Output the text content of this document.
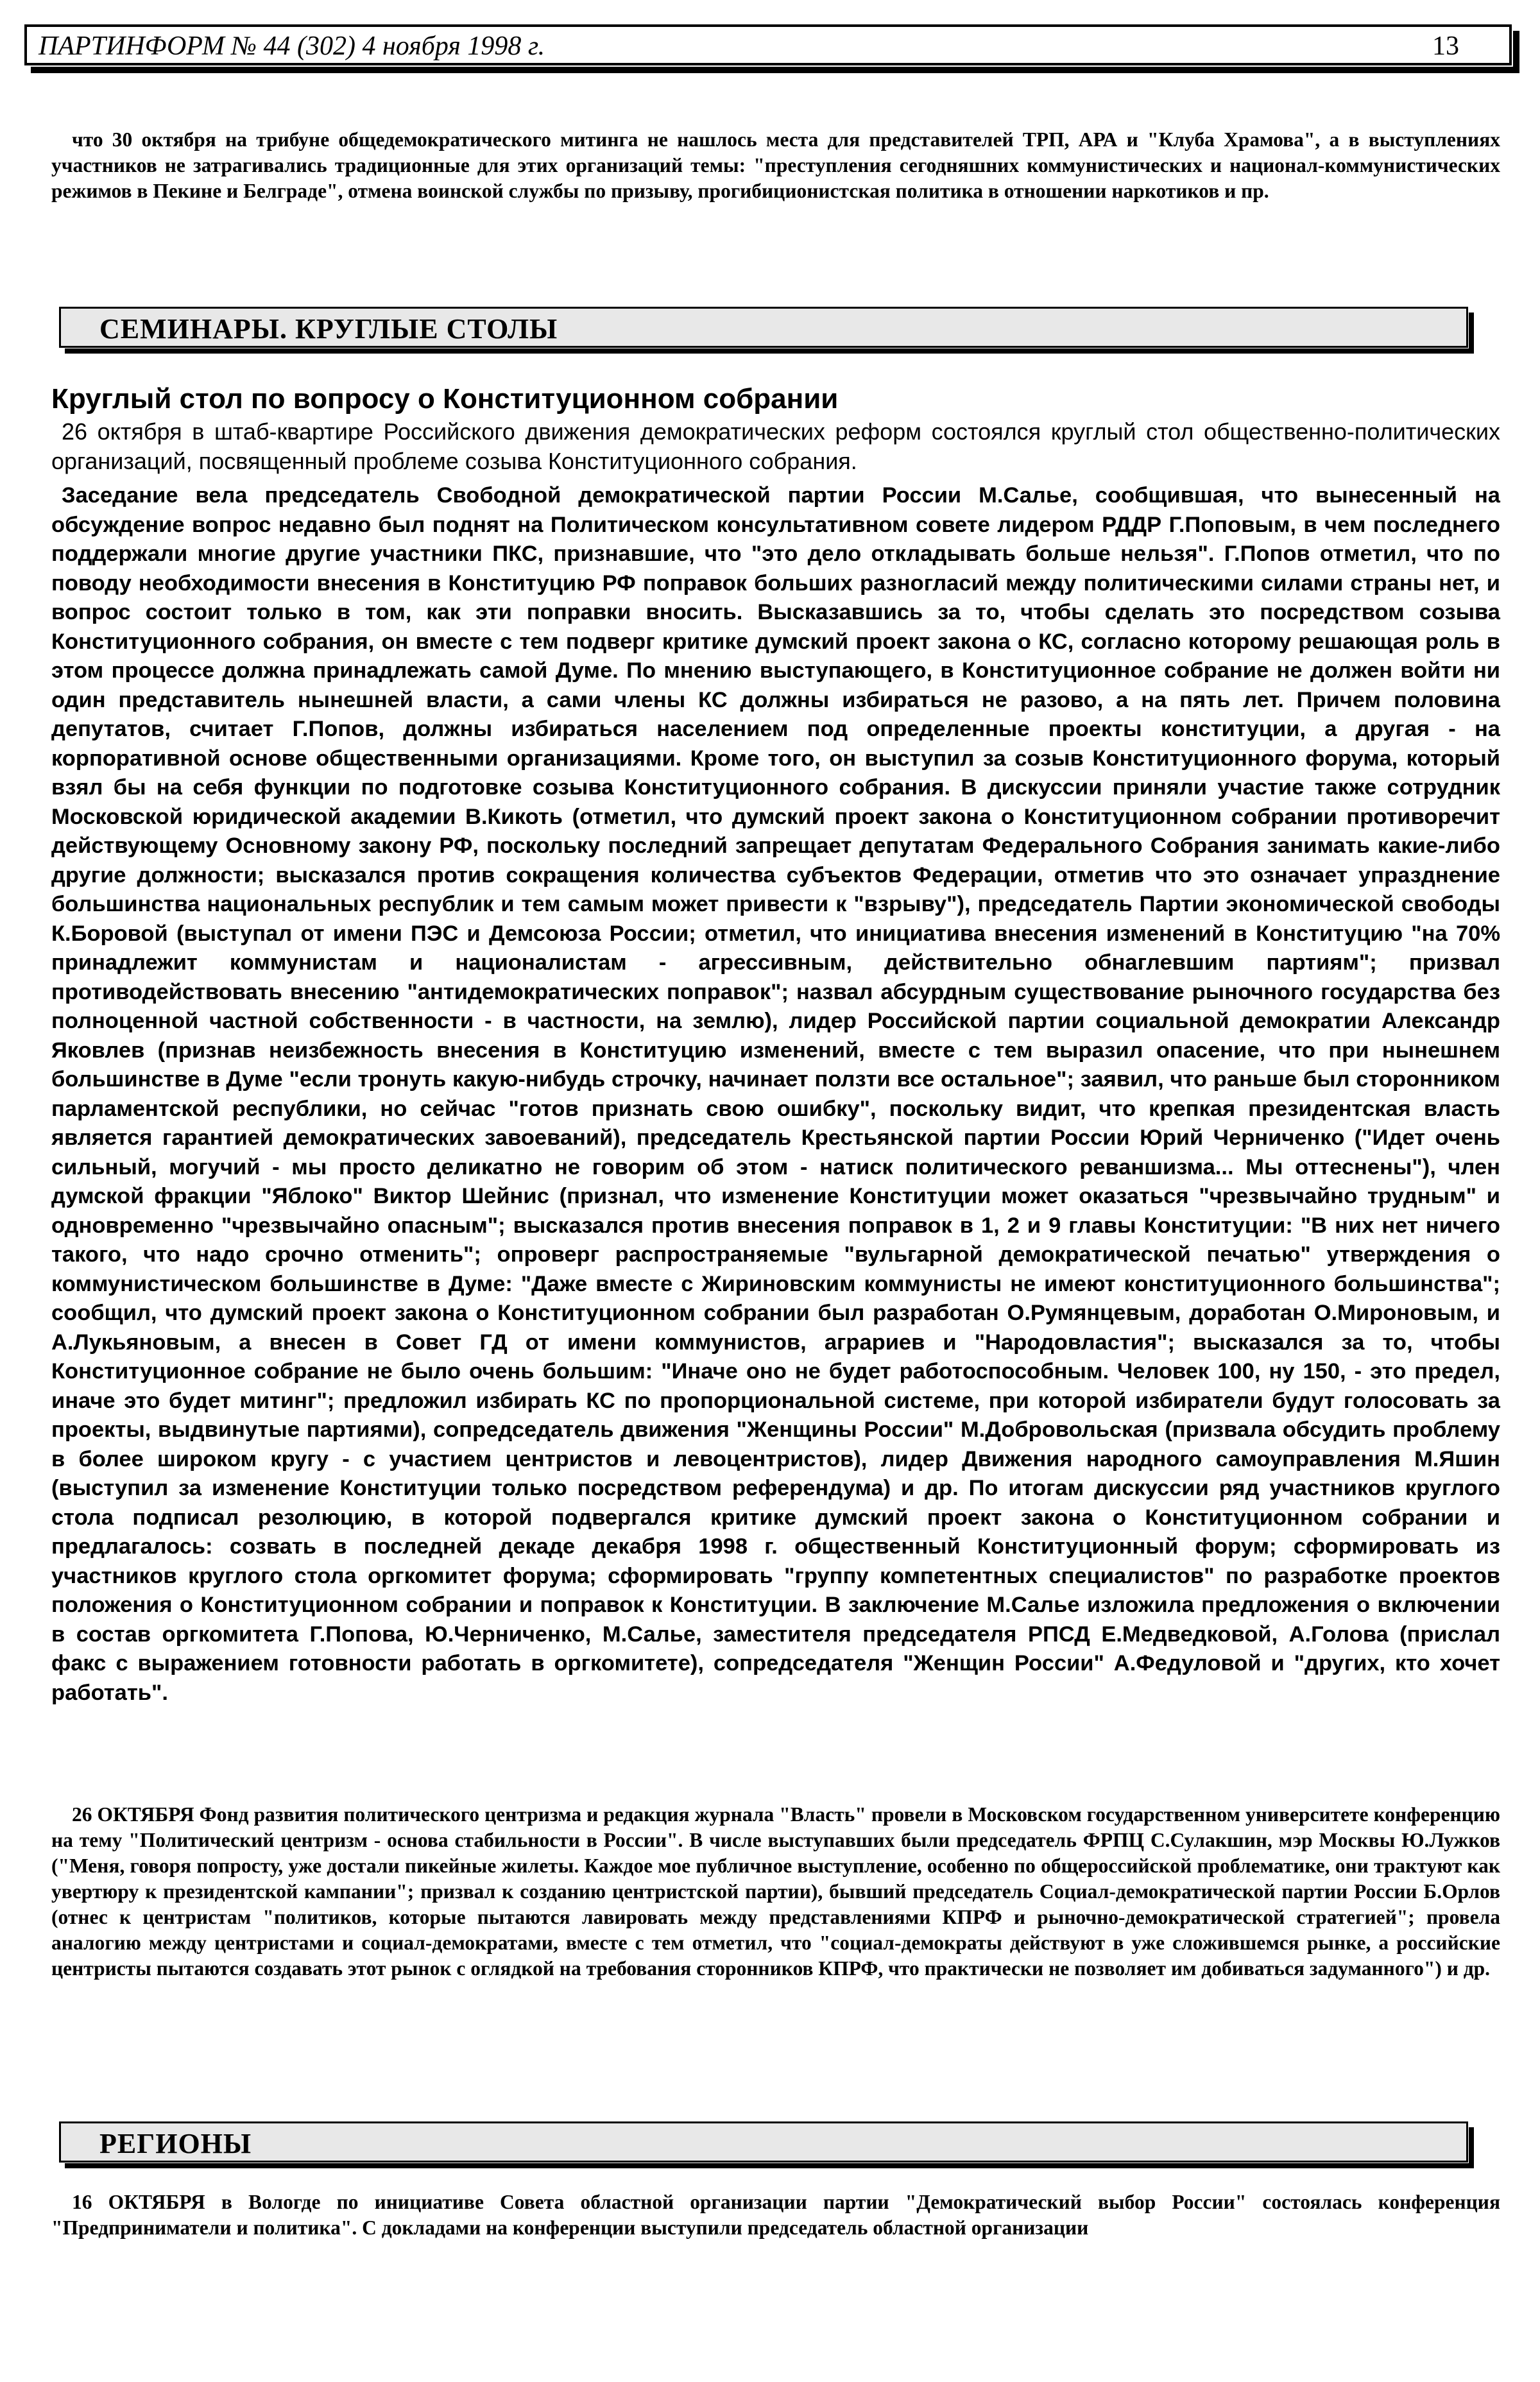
ПАРТИНФОРМ № 44 (302) 4 ноября 1998 г.	13

что 30 октября на трибуне общедемократического митинга не нашлось места для представителей ТРП, АРА и "Клуба Храмова", а в выступлениях участников не затрагивались традиционные для этих организаций темы: "преступления сегодняшних коммунистических и национал-коммунистических режимов в Пекине и Белграде", отмена воинской службы по призыву, прогибиционистская политика в отношении наркотиков и пр.

СЕМИНАРЫ. КРУГЛЫЕ СТОЛЫ
Круглый стол по вопросу о Конституционном собрании

26 октября в штаб-квартире Российского движения демократических реформ состоялся круглый стол общественно-политических организаций, посвященный проблеме созыва Конституционного собрания.

Заседание вела председатель Свободной демократической партии России М.Салье, сообщившая, что вынесенный на обсуждение вопрос недавно был поднят на Политическом консультативном совете лидером РДДР Г.Поповым, в чем последнего поддержали многие другие участники ПКС, признавшие, что "это дело откладывать больше нельзя". Г.Попов отметил, что по поводу необходимости внесения в Конституцию РФ поправок больших разногласий между политическими силами страны нет, и вопрос состоит только в том, как эти поправки вносить. Высказавшись за то, чтобы сделать это посредством созыва Конституционного собрания, он вместе с тем подверг критике думский проект закона о КС, согласно которому решающая роль в этом процессе должна принадлежать самой Думе. По мнению выступающего, в Конституционное собрание не должен войти ни один представитель нынешней власти, а сами члены КС должны избираться не разово, а на пять лет. Причем половина депутатов, считает Г.Попов, должны избираться населением под определенные проекты конституции, а другая - на корпоративной основе общественными организациями. Кроме того, он выступил за созыв Конституционного форума, который взял бы на себя функции по подготовке созыва Конституционного собрания. В дискуссии приняли участие также сотрудник Московской юридической академии В.Кикоть (отметил, что думский проект закона о Конституционном собрании противоречит действующему Основному закону РФ, поскольку последний запрещает депутатам Федерального Собрания занимать какие-либо другие должности; высказался против сокращения количества субъектов Федерации, отметив что это означает упразднение большинства национальных республик и тем самым может привести к "взрыву"), председатель Партии экономической свободы К.Боровой (выступал от имени ПЭС и Демсоюза России; отметил, что инициатива внесения изменений в Конституцию "на 70% принадлежит коммунистам и националистам - агрессивным, действительно обнаглевшим партиям"; призвал противодействовать внесению "антидемократических поправок"; назвал абсурдным существование рыночного государства без полноценной частной собственности - в частности, на землю), лидер Российской партии социальной демократии Александр Яковлев (признав неизбежность внесения в Конституцию изменений, вместе с тем выразил опасение, что при нынешнем большинстве в Думе "если тронуть какую-нибудь строчку, начинает ползти все остальное"; заявил, что раньше был сторонником парламентской республики, но сейчас "готов признать свою ошибку", поскольку видит, что крепкая президентская власть является гарантией демократических завоеваний), председатель Крестьянской партии России Юрий Черниченко ("Идет очень сильный, могучий - мы просто деликатно не говорим об этом - натиск политического реваншизма... Мы оттеснены"), член думской фракции "Яблоко" Виктор Шейнис (признал, что изменение Конституции может оказаться "чрезвычайно трудным" и одновременно "чрезвычайно опасным"; высказался против внесения поправок в 1, 2 и 9 главы Конституции: "В них нет ничего такого, что надо срочно отменить"; опроверг распространяемые "вульгарной демократической печатью" утверждения о коммунистическом большинстве в Думе: "Даже вместе с Жириновским коммунисты не имеют конституционного большинства"; сообщил, что думский проект закона о Конституционном собрании был разработан О.Румянцевым, доработан О.Мироновым, и А.Лукьяновым, а внесен в Совет ГД от имени коммунистов, аграриев и "Народовластия"; высказался за то, чтобы Конституционное собрание не было очень большим: "Иначе оно не будет работоспособным. Человек 100, ну 150, - это предел, иначе это будет митинг"; предложил избирать КС по пропорциональной системе, при которой избиратели будут голосовать за проекты, выдвинутые партиями), сопредседатель движения "Женщины России" М.Добровольская (призвала обсудить проблему в более широком кругу - с участием центристов и левоцентристов), лидер Движения народного самоуправления М.Яшин (выступил за изменение Конституции только посредством референдума) и др. По итогам дискуссии ряд участников круглого стола подписал резолюцию, в которой подвергался критике думский проект закона о Конституционном собрании и предлагалось: созвать в последней декаде декабря 1998 г. общественный Конституционный форум; сформировать из участников круглого стола оргкомитет форума; сформировать "группу компетентных специалистов" по разработке проектов положения о Конституционном собрании и поправок к Конституции. В заключение М.Салье изложила предложения о включении в состав оргкомитета Г.Попова, Ю.Черниченко, М.Салье, заместителя председателя РПСД Е.Медведковой, А.Голова (прислал факс с выражением готовности работать в оргкомитете), сопредседателя "Женщин России" А.Федуловой и "других, кто хочет работать".

26 ОКТЯБРЯ Фонд развития политического центризма и редакция журнала "Власть" провели в Московском государственном университете конференцию на тему "Политический центризм - основа стабильности в России". В числе выступавших были председатель ФРПЦ С.Сулакшин, мэр Москвы Ю.Лужков ("Меня, говоря попросту, уже достали пикейные жилеты. Каждое мое публичное выступление, особенно по общероссийской проблематике, они трактуют как увертюру к президентской кампании"; призвал к созданию центристской партии), бывший председатель Социал-демократической партии России Б.Орлов (отнес к центристам "политиков, которые пытаются лавировать между представлениями КПРФ и рыночно-демократической стратегией"; провела аналогию между центристами и социал-демократами, вместе с тем отметил, что "социал-демократы действуют в уже сложившемся рынке, а российские центристы пытаются создавать этот рынок с оглядкой на требования сторонников КПРФ, что практически не позволяет им добиваться задуманного") и др.

РЕГИОНЫ

16 ОКТЯБРЯ в Вологде по инициативе Совета областной организации партии "Демократический выбор России" состоялась конференция "Предприниматели и политика". С докладами на конференции выступили председатель областной организации
